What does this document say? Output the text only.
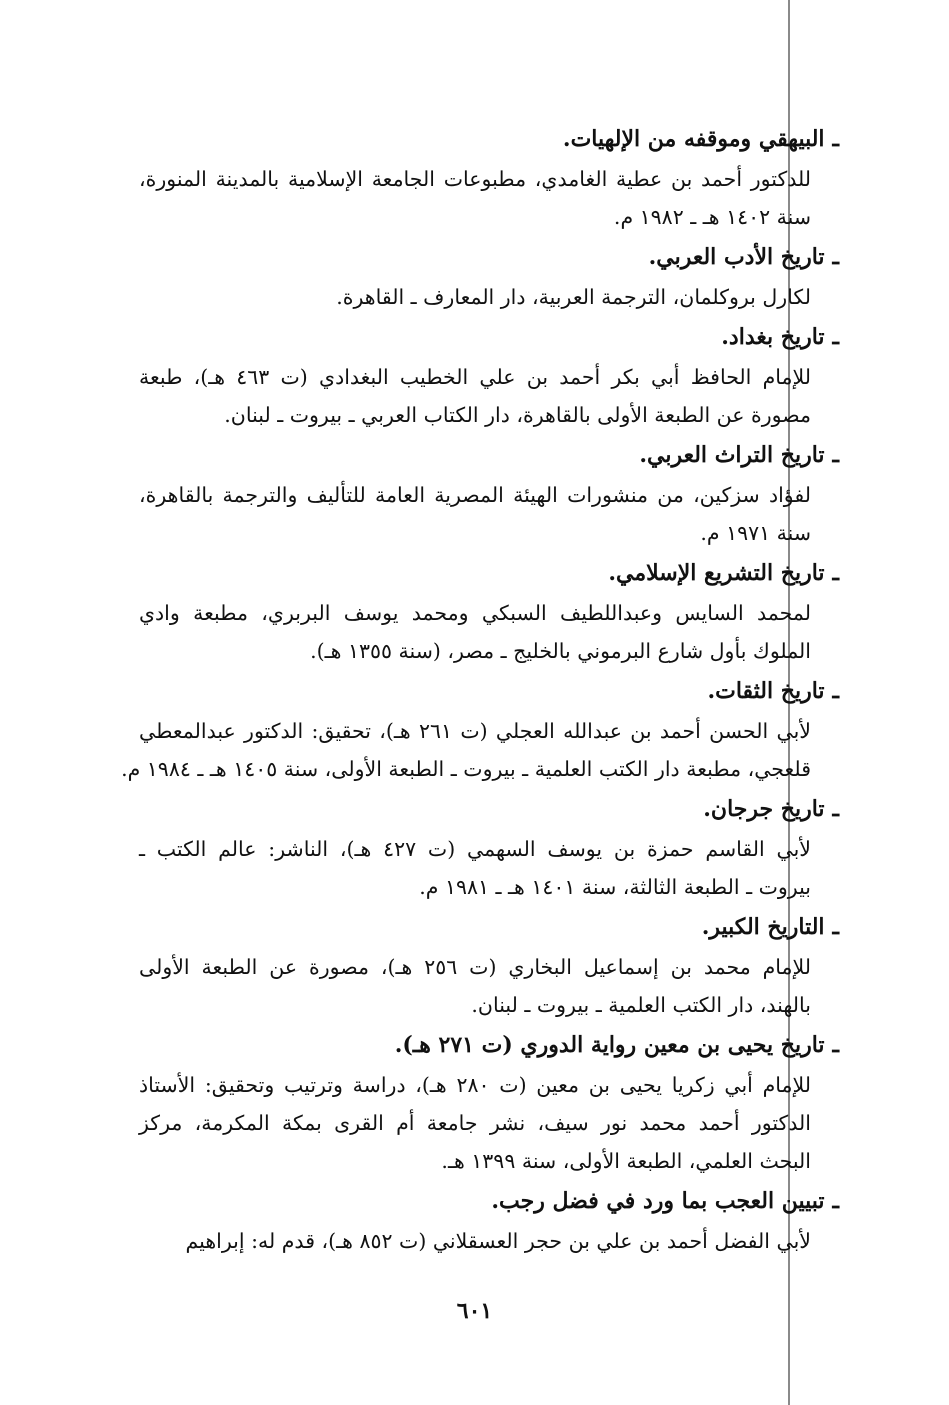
ـالبيهقي وموقفه من الإلهيات.
للدكتور أحمد بن عطية الغامدي، مطبوعات الجامعة الإسلامية بالمدينة المنورة،
سنة ١٤٠٢ هـ ـ ١٩٨٢ م.
ـتاريخ الأدب العربي.
لكارل بروكلمان، الترجمة العربية، دار المعارف ـ القاهرة.
ـتاريخ بغداد.
للإمام الحافظ أبي بكر أحمد بن علي الخطيب البغدادي (ت ٤٦٣ هـ)، طبعة
مصورة عن الطبعة الأولى بالقاهرة، دار الكتاب العربي ـ بيروت ـ لبنان.
ـتاريخ التراث العربي.
لفؤاد سزكين، من منشورات الهيئة المصرية العامة للتأليف والترجمة بالقاهرة،
سنة ١٩٧١ م.
ـتاريخ التشريع الإسلامي.
لمحمد السايس وعبداللطيف السبكي ومحمد يوسف البربري، مطبعة وادي
الملوك بأول شارع البرموني بالخليج ـ مصر، (سنة ١٣٥٥ هـ).
ـتاريخ الثقات.
لأبي الحسن أحمد بن عبدالله العجلي (ت ٢٦١ هـ)، تحقيق: الدكتور عبدالمعطي
قلعجي، مطبعة دار الكتب العلمية ـ بيروت ـ الطبعة الأولى، سنة ١٤٠٥ هـ ـ ١٩٨٤ م.
ـتاريخ جرجان.
لأبي القاسم حمزة بن يوسف السهمي (ت ٤٢٧ هـ)، الناشر: عالم الكتب ـ
بيروت ـ الطبعة الثالثة، سنة ١٤٠١ هـ ـ ١٩٨١ م.
ـالتاريخ الكبير.
للإمام محمد بن إسماعيل البخاري (ت ٢٥٦ هـ)، مصورة عن الطبعة الأولى
بالهند، دار الكتب العلمية ـ بيروت ـ لبنان.
ـتاريخ يحيى بن معين رواية الدوري (ت ٢٧١ هـ).
للإمام أبي زكريا يحيى بن معين (ت ٢٨٠ هـ)، دراسة وترتيب وتحقيق: الأستاذ
الدكتور أحمد محمد نور سيف، نشر جامعة أم القرى بمكة المكرمة، مركز
البحث العلمي، الطبعة الأولى، سنة ١٣٩٩ هـ.
ـتبيين العجب بما ورد في فضل رجب.
لأبي الفضل أحمد بن علي بن حجر العسقلاني (ت ٨٥٢ هـ)، قدم له: إبراهيم
٦٠١
